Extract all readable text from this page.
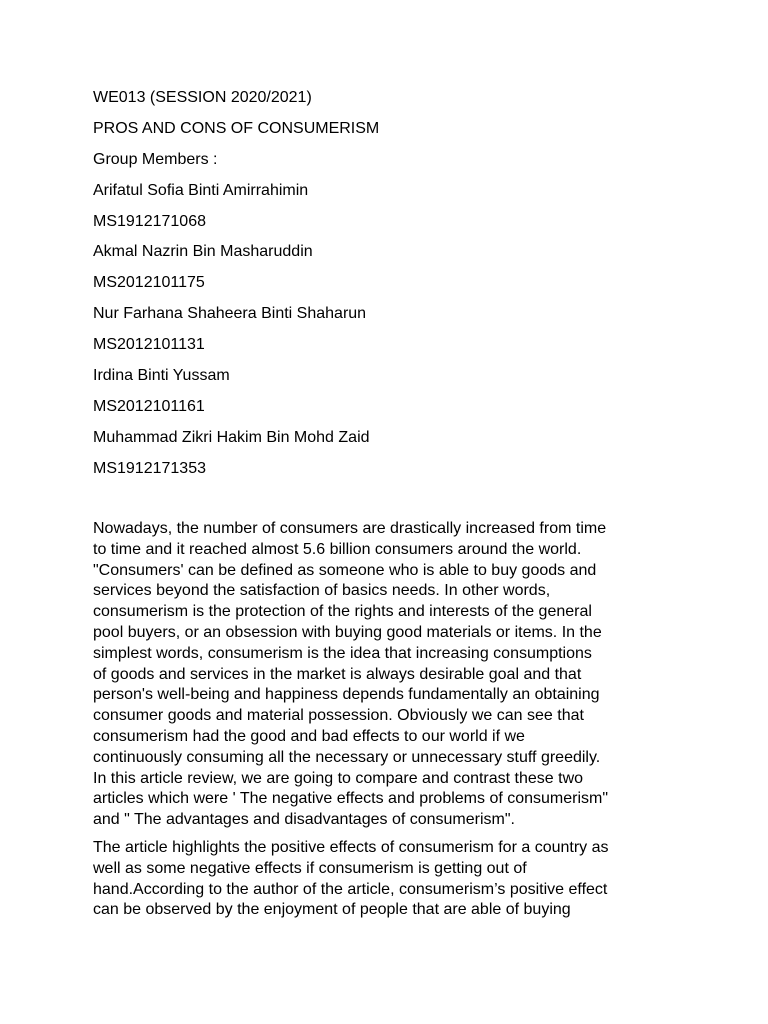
WE013 (SESSION 2020/2021)
PROS AND CONS OF CONSUMERISM
Group Members :
Arifatul Sofia Binti Amirrahimin
MS1912171068
Akmal Nazrin Bin Masharuddin
MS2012101175
Nur Farhana Shaheera Binti Shaharun
MS2012101131
Irdina Binti Yussam
MS2012101161
Muhammad Zikri Hakim Bin Mohd Zaid
MS1912171353

Nowadays, the number of consumers are drastically increased from time
to time and it reached almost 5.6 billion consumers around the world.
"Consumers' can be defined as someone who is able to buy goods and
services beyond the satisfaction of basics needs. In other words,
consumerism is the protection of the rights and interests of the general
pool buyers, or an obsession with buying good materials or items. In the
simplest words, consumerism is the idea that increasing consumptions
of goods and services in the market is always desirable goal and that
person's well-being and happiness depends fundamentally an obtaining
consumer goods and material possession. Obviously we can see that
consumerism had the good and bad effects to our world if we
continuously consuming all the necessary or unnecessary stuff greedily.
In this article review, we are going to compare and contrast these two
articles which were ' The negative effects and problems of consumerism"
and " The advantages and disadvantages of consumerism".

The article highlights the positive effects of consumerism for a country as
well as some negative effects if consumerism is getting out of
hand.According to the author of the article, consumerism’s positive effect
can be observed by the enjoyment of people that are able of buying
